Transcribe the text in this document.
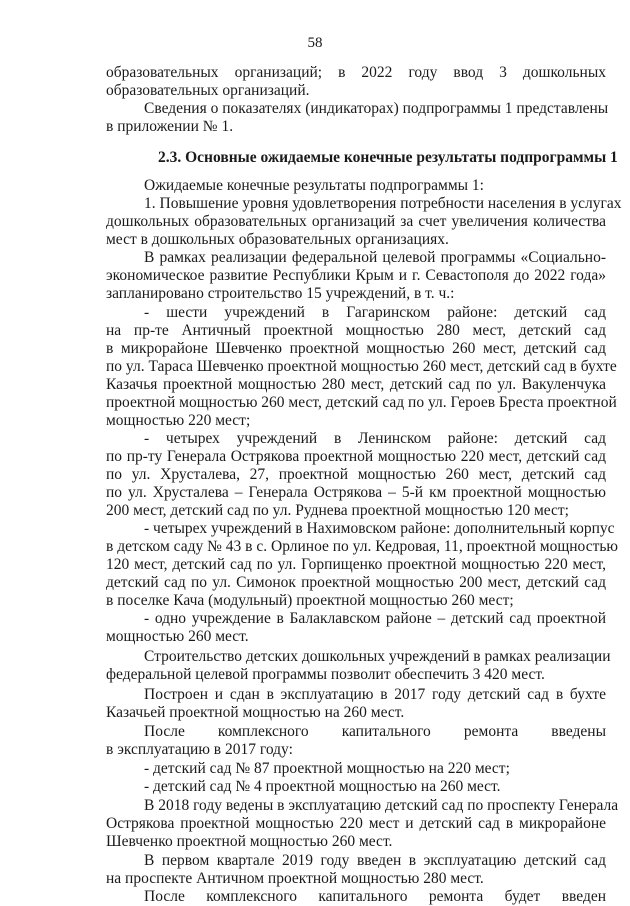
58
образовательных организаций; в 2022 году ввод 3 дошкольных
образовательных организаций.
Сведения о показателях (индикаторах) подпрограммы 1 представлены
в приложении № 1.
2.3. Основные ожидаемые конечные результаты подпрограммы 1
Ожидаемые конечные результаты подпрограммы 1:
1. Повышение уровня удовлетворения потребности населения в услугах
дошкольных образовательных организаций за счет увеличения количества
мест в дошкольных образовательных организациях.
В рамках реализации федеральной целевой программы «Социально-
экономическое развитие Республики Крым и г. Севастополя до 2022 года»
запланировано строительство 15 учреждений, в т. ч.:
- шести учреждений в Гагаринском районе: детский сад
на пр-те Античный проектной мощностью 280 мест, детский сад
в микрорайоне Шевченко проектной мощностью 260 мест, детский сад
по ул. Тараса Шевченко проектной мощностью 260 мест, детский сад в бухте
Казачья проектной мощностью 280 мест, детский сад по ул. Вакуленчука
проектной мощностью 260 мест, детский сад по ул. Героев Бреста проектной
мощностью 220 мест;
- четырех учреждений в Ленинском районе: детский сад
по пр-ту Генерала Острякова проектной мощностью 220 мест, детский сад
по ул. Хрусталева, 27, проектной мощностью 260 мест, детский сад
по ул. Хрусталева – Генерала Острякова – 5-й км проектной мощностью
200 мест, детский сад по ул. Руднева проектной мощностью 120 мест;
- четырех учреждений в Нахимовском районе: дополнительный корпус
в детском саду № 43 в с. Орлиное по ул. Кедровая, 11, проектной мощностью
120 мест, детский сад по ул. Горпищенко проектной мощностью 220 мест,
детский сад по ул. Симонок проектной мощностью 200 мест, детский сад
в поселке Кача (модульный) проектной мощностью 260 мест;
- одно учреждение в Балаклавском районе – детский сад проектной
мощностью 260 мест.
Строительство детских дошкольных учреждений в рамках реализации
федеральной целевой программы позволит обеспечить 3 420 мест.
Построен и сдан в эксплуатацию в 2017 году детский сад в бухте
Казачьей проектной мощностью на 260 мест.
После комплексного капитального ремонта введены
в эксплуатацию в 2017 году:
- детский сад № 87 проектной мощностью на 220 мест;
- детский сад № 4 проектной мощностью на 260 мест.
В 2018 году ведены в эксплуатацию детский сад по проспекту Генерала
Острякова проектной мощностью 220 мест и детский сад в микрорайоне
Шевченко проектной мощностью 260 мест.
В первом квартале 2019 году введен в эксплуатацию детский сад
на проспекте Античном проектной мощностью 280 мест.
После комплексного капитального ремонта будет введен
